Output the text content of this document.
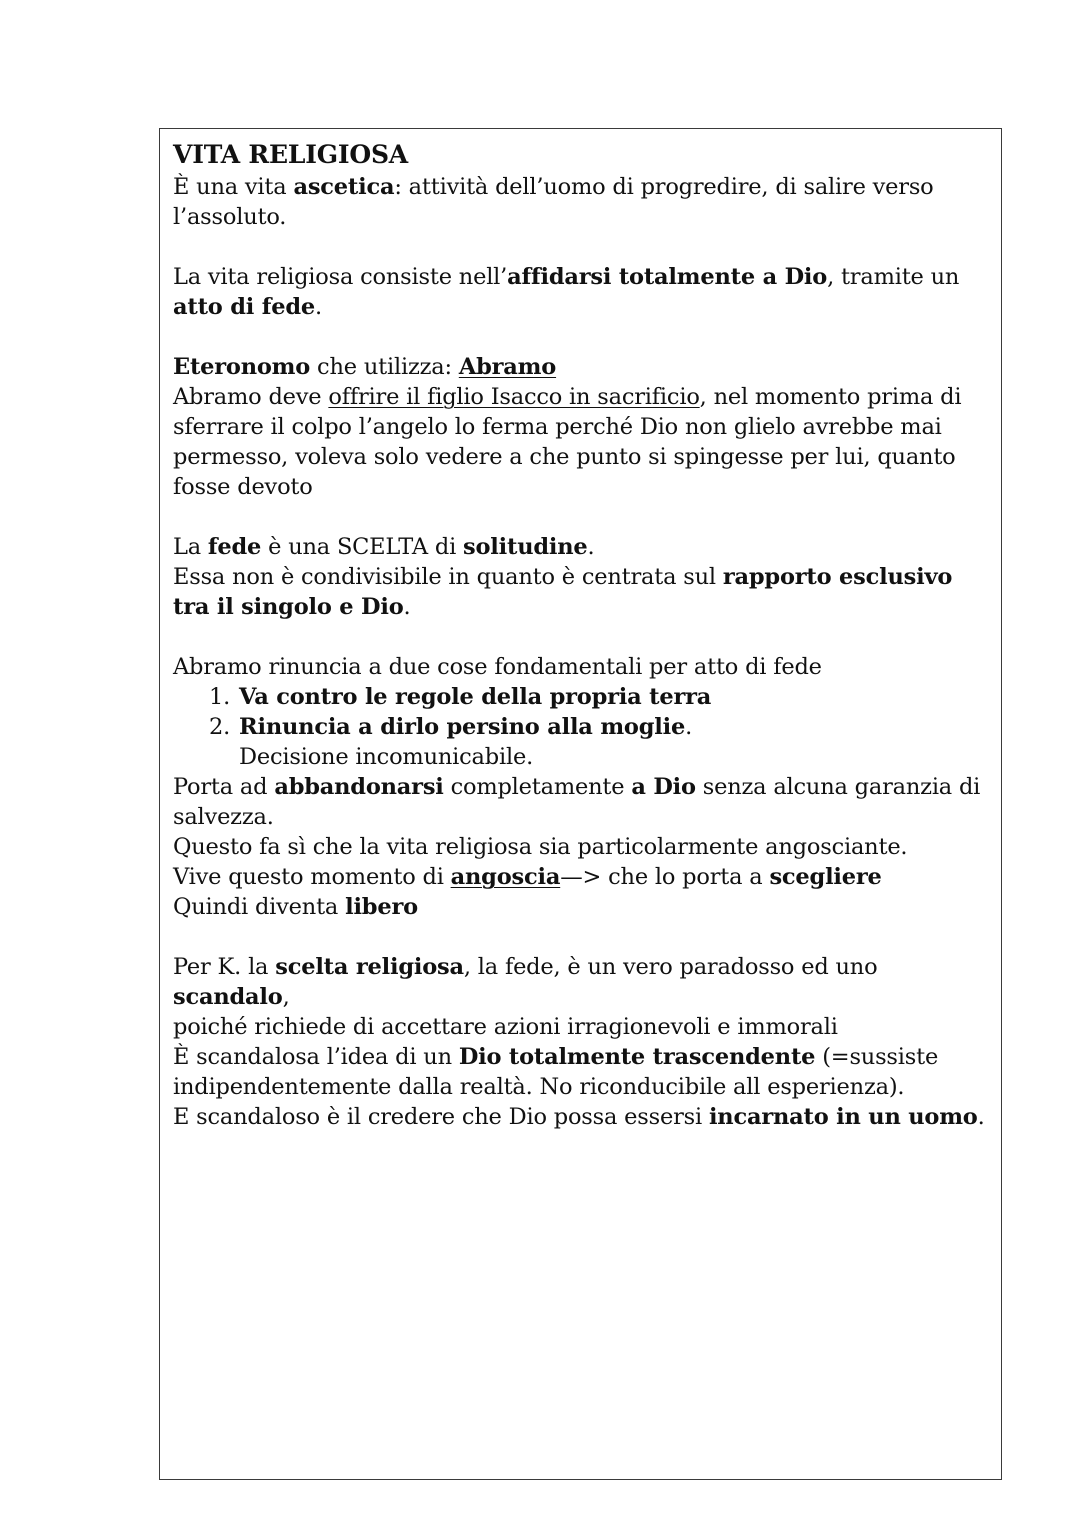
VITA RELIGIOSA

È una vita ascetica: attività dell’uomo di progredire, di salire verso l’assoluto.

La vita religiosa consiste nell’affidarsi totalmente a Dio, tramite un atto di fede.

Eteronomo che utilizza: Abramo

Abramo deve offrire il figlio Isacco in sacrificio, nel momento prima di sferrare il colpo l’angelo lo ferma perché Dio non glielo avrebbe mai permesso, voleva solo vedere a che punto si spingesse per lui, quanto fosse devoto

La fede è una SCELTA di solitudine.

Essa non è condivisibile in quanto è centrata sul rapporto esclusivo tra il singolo e Dio.

Abramo rinuncia a due cose fondamentali per atto di fede

1. Va contro le regole della propria terra
2. Rinuncia a dirlo persino alla moglie.

Decisione incomunicabile.

Porta ad abbandonarsi completamente a Dio senza alcuna garanzia di salvezza.

Questo fa sì che la vita religiosa sia particolarmente angosciante.

Vive questo momento di angoscia—> che lo porta a scegliere

Quindi diventa libero

Per K. la scelta religiosa, la fede, è un vero paradosso ed uno scandalo,

poiché richiede di accettare azioni irragionevoli e immorali

È scandalosa l’idea di un Dio totalmente trascendente (=sussiste indipendentemente dalla realtà. No riconducibile all esperienza).

E scandaloso è il credere che Dio possa essersi incarnato in un uomo.
